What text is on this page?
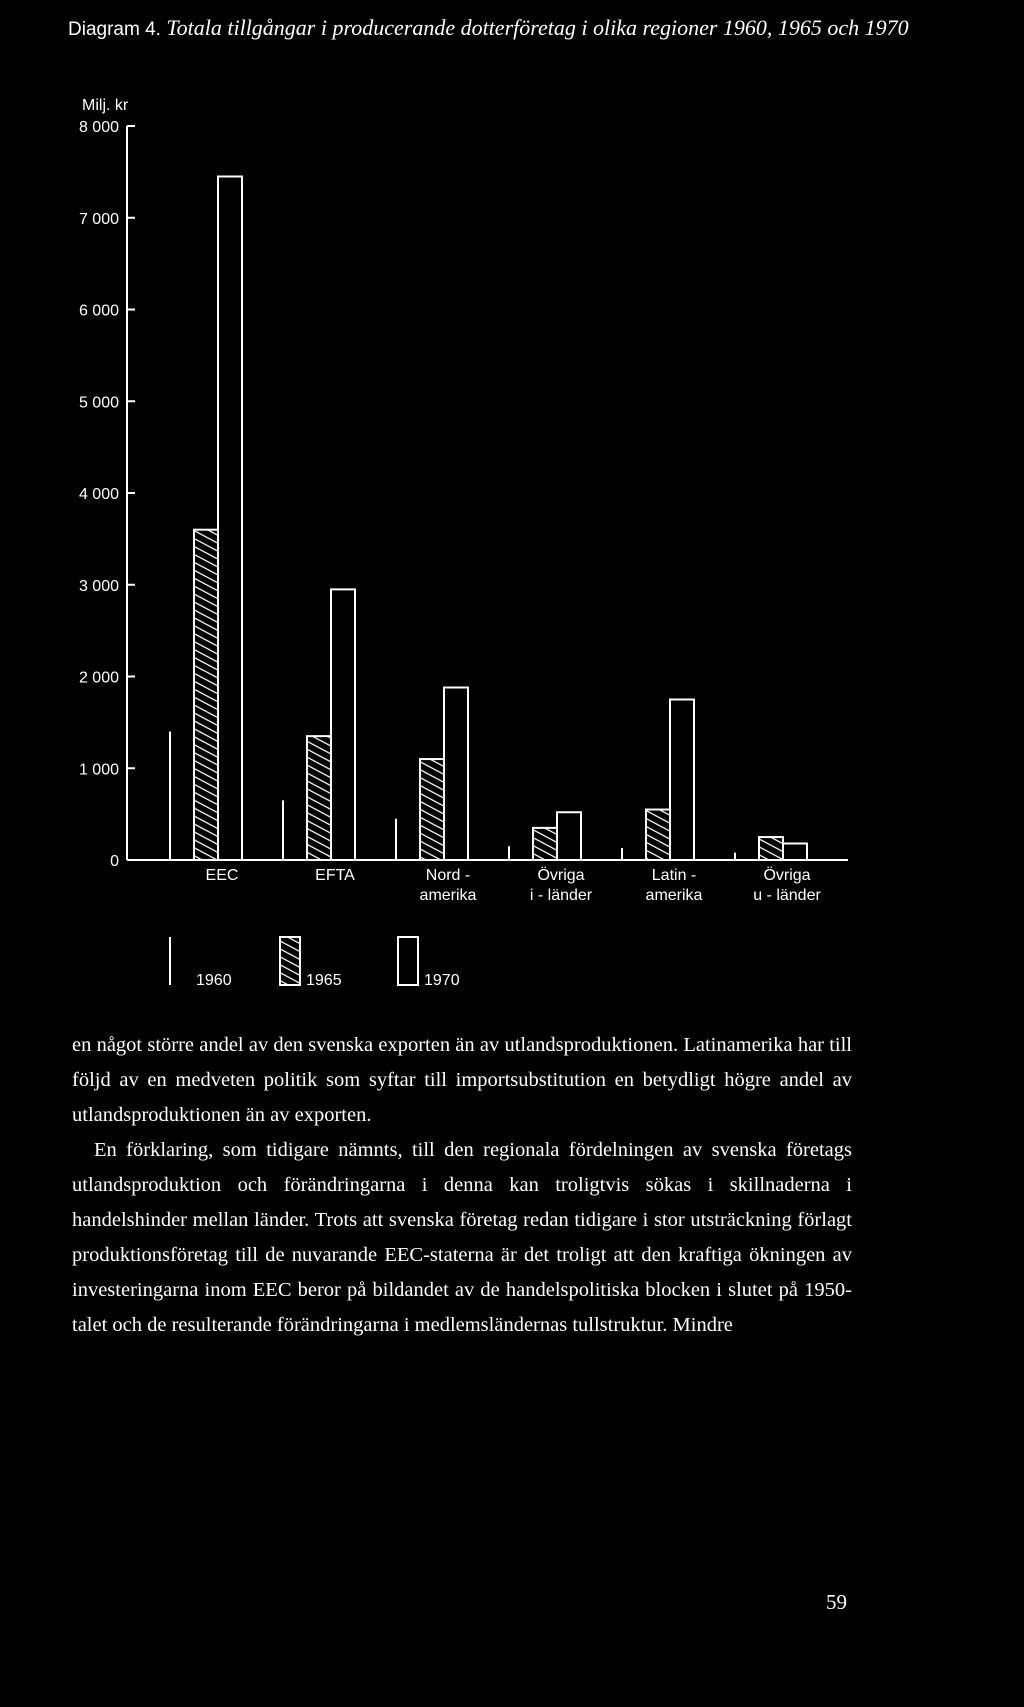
Diagram 4. Totala tillgångar i producerande dotterföretag i olika regioner 1960, 1965 och 1970
Milj. kr
0
1 000
2 000
3 000
4 000
5 000
6 000
7 000
8 000
EEC	EFTA	Nord -
amerika
Övriga
i - länder
Latin -
amerika
Övriga
u - länder
1960	1965	1970

en något större andel av den svenska exporten än av utlandsproduktionen. Latinamerika har till följd av en medveten politik som syftar till importsubstitution en betydligt högre andel av utlandsproduktionen än av exporten.

En förklaring, som tidigare nämnts, till den regionala fördelningen av svenska företags utlandsproduktion och förändringarna i denna kan troligtvis sökas i skillnaderna i handelshinder mellan länder. Trots att svenska företag redan tidigare i stor utsträckning förlagt produktionsföretag till de nuvarande EEC-staterna är det troligt att den kraftiga ökningen av investeringarna inom EEC beror på bildandet av de handelspolitiska blocken i slutet på 1950-talet och de resulterande förändringarna i medlemsländernas tullstruktur. Mindre

59
